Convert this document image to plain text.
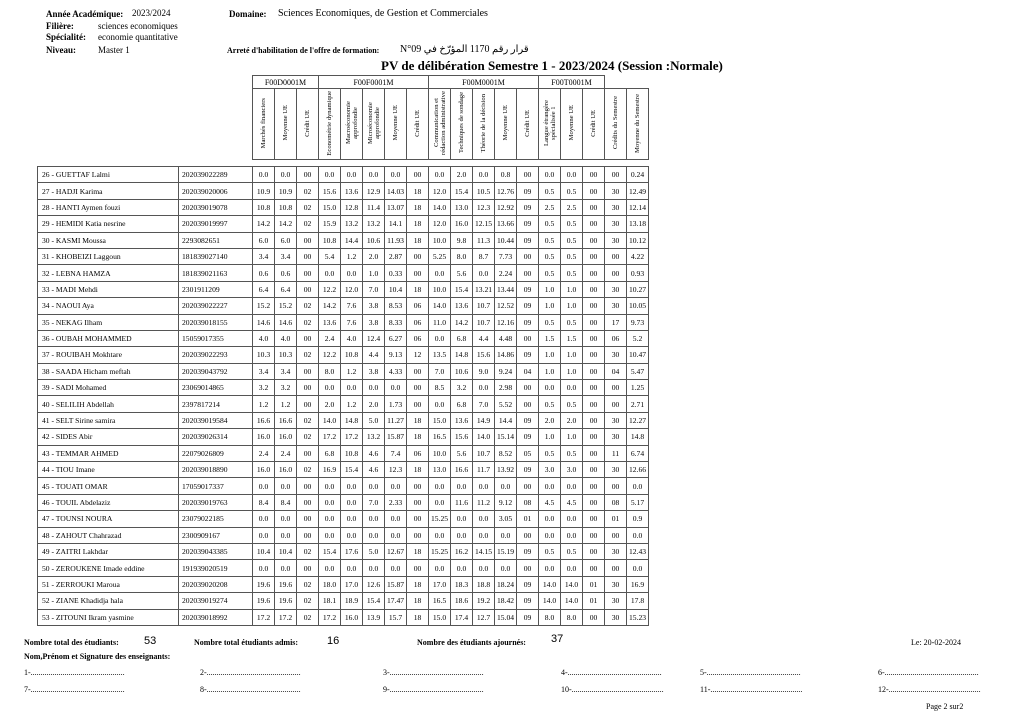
Année Académique: 2023/2024
Filière:	sciences economiques
Spécialité: economie quantitative
Niveau: Master 1
Domaine: Sciences Economiques, de Gestion et Commerciales
Arreté d'habilitation de l'offre de formation: N°09 قرار رقم 1170 المؤرّخ في
PV de délibération Semestre 1 - 2023/2024 (Session :Normale)
		F00D0001M			F00F0001M					F00M0001M					F00T0001M				
		Marchés financiers	Moyenne UE	Crédit UE	Econométrie dynamique	Macroéconomie approfondie	Microéconomie approfondie	Moyenne UE	Crédit UE	Communication et rédaction administrative	Techniques de sondage	Théorie de la décision	Moyenne UE	Crédit UE	Langue étrangère spécialisée 1	Moyenne UE	Crédit UE	Crédits du Semestre	Moyenne du Semestre

26 - GUETTAF Lalmi	202039022289	0.0	0.0	00	0.0	0.0	0.0	0.0	00	0.0	2.0	0.0	0.8	00	0.0	0.0	00	00	0.24
27 - HADJI Karima	202039020006	10.9	10.9	02	15.6	13.6	12.9	14.03	18	12.0	15.4	10.5	12.76	09	0.5	0.5	00	30	12.49
28 - HANTI Aymen fouzi	202039019078	10.8	10.8	02	15.0	12.8	11.4	13.07	18	14.0	13.0	12.3	12.92	09	2.5	2.5	00	30	12.14
29 - HEMIDI Katia nesrine	202039019997	14.2	14.2	02	15.9	13.2	13.2	14.1	18	12.0	16.0	12.15	13.66	09	0.5	0.5	00	30	13.18
30 - KASMI Moussa	2293082651	6.0	6.0	00	10.8	14.4	10.6	11.93	18	10.0	9.8	11.3	10.44	09	0.5	0.5	00	30	10.12
31 - KHOBEIZI Laggoun	181839027140	3.4	3.4	00	5.4	1.2	2.0	2.87	00	5.25	8.0	8.7	7.73	00	0.5	0.5	00	00	4.22
32 - LEBNA HAMZA	181839021163	0.6	0.6	00	0.0	0.0	1.0	0.33	00	0.0	5.6	0.0	2.24	00	0.5	0.5	00	00	0.93
33 - MADI Mehdi	2301911209	6.4	6.4	00	12.2	12.0	7.0	10.4	18	10.0	15.4	13.21	13.44	09	1.0	1.0	00	30	10.27
34 - NAOUI Aya	202039022227	15.2	15.2	02	14.2	7.6	3.8	8.53	06	14.0	13.6	10.7	12.52	09	1.0	1.0	00	30	10.05
35 - NEKAG Ilham	202039018155	14.6	14.6	02	13.6	7.6	3.8	8.33	06	11.0	14.2	10.7	12.16	09	0.5	0.5	00	17	9.73
36 - OUBAH MOHAMMED	15059017355	4.0	4.0	00	2.4	4.0	12.4	6.27	06	0.0	6.8	4.4	4.48	00	1.5	1.5	00	06	5.2
37 - ROUIBAH Mokhtare	202039022293	10.3	10.3	02	12.2	10.8	4.4	9.13	12	13.5	14.8	15.6	14.86	09	1.0	1.0	00	30	10.47
38 - SAADA Hicham meftah	202039043792	3.4	3.4	00	8.0	1.2	3.8	4.33	00	7.0	10.6	9.0	9.24	04	1.0	1.0	00	04	5.47
39 - SADI Mohamed	23069014865	3.2	3.2	00	0.0	0.0	0.0	0.0	00	8.5	3.2	0.0	2.98	00	0.0	0.0	00	00	1.25
40 - SELILIH Abdellah	2397817214	1.2	1.2	00	2.0	1.2	2.0	1.73	00	0.0	6.8	7.0	5.52	00	0.5	0.5	00	00	2.71
41 - SELT Sirine samira	202039019584	16.6	16.6	02	14.0	14.8	5.0	11.27	18	15.0	13.6	14.9	14.4	09	2.0	2.0	00	30	12.27
42 - SIDES Abir	202039026314	16.0	16.0	02	17.2	17.2	13.2	15.87	18	16.5	15.6	14.0	15.14	09	1.0	1.0	00	30	14.8
43 - TEMMAR AHMED	22079026809	2.4	2.4	00	6.8	10.8	4.6	7.4	06	10.0	5.6	10.7	8.52	05	0.5	0.5	00	11	6.74
44 - TIOU Imane	202039018890	16.0	16.0	02	16.9	15.4	4.6	12.3	18	13.0	16.6	11.7	13.92	09	3.0	3.0	00	30	12.66
45 - TOUATI OMAR	17059017337	0.0	0.0	00	0.0	0.0	0.0	0.0	00	0.0	0.0	0.0	0.0	00	0.0	0.0	00	00	0.0
46 - TOUIL Abdelaziz	202039019763	8.4	8.4	00	0.0	0.0	7.0	2.33	00	0.0	11.6	11.2	9.12	08	4.5	4.5	00	08	5.17
47 - TOUNSI NOURA	23079022185	0.0	0.0	00	0.0	0.0	0.0	0.0	00	15.25	0.0	0.0	3.05	01	0.0	0.0	00	01	0.9
48 - ZAHOUT Chahrazad	2300909167	0.0	0.0	00	0.0	0.0	0.0	0.0	00	0.0	0.0	0.0	0.0	00	0.0	0.0	00	00	0.0
49 - ZAITRI Lakhdar	202039043385	10.4	10.4	02	15.4	17.6	5.0	12.67	18	15.25	16.2	14.15	15.19	09	0.5	0.5	00	30	12.43
50 - ZEROUKENE Imade eddine	191939020519	0.0	0.0	00	0.0	0.0	0.0	0.0	00	0.0	0.0	0.0	0.0	00	0.0	0.0	00	00	0.0
51 - ZERROUKI Maroua	202039020208	19.6	19.6	02	18.0	17.0	12.6	15.87	18	17.0	18.3	18.8	18.24	09	14.0	14.0	01	30	16.9
52 - ZIANE Khadidja hala	202039019274	19.6	19.6	02	18.1	18.9	15.4	17.47	18	16.5	18.6	19.2	18.42	09	14.0	14.0	01	30	17.8
53 - ZITOUNI Ikram yasmine	202039018992	17.2	17.2	02	17.2	16.0	13.9	15.7	18	15.0	17.4	12.7	15.04	09	8.0	8.0	00	30	15.23
Nombre total des étudiants: 53	Nombre total étudiants admis:	16	Nombre des étudiants ajournés: 37	Le: 20-02-2024
Nom,Prénom et Signature des enseignants:
1-...............................................	2-...............................................	3-...............................................	4-...............................................	5-...............................................	6-...............................................
7-...............................................	8-...............................................	9-...............................................	10-..............................................	11-..............................................	12-..............................................
Page 2 sur2
